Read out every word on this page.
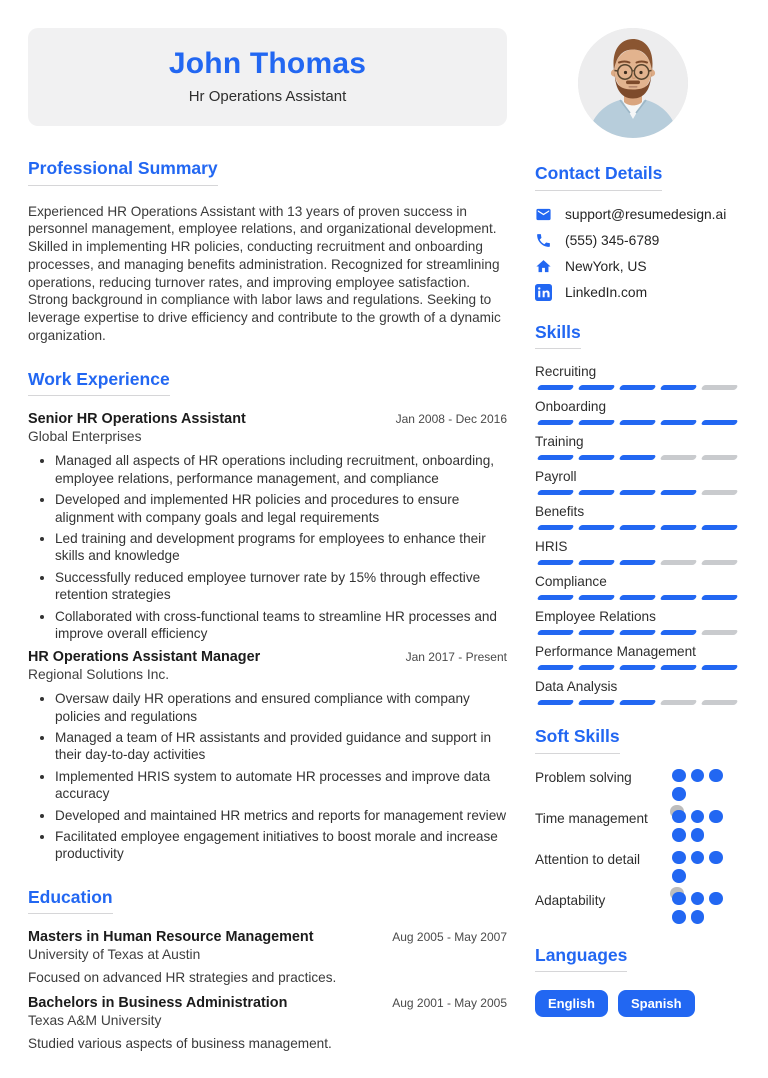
John Thomas
Hr Operations Assistant
Professional Summary

Experienced HR Operations Assistant with 13 years of proven success in personnel management, employee relations, and organizational development. Skilled in implementing HR policies, conducting recruitment and onboarding processes, and managing benefits administration. Recognized for streamlining operations, reducing turnover rates, and improving employee satisfaction. Strong background in compliance with labor laws and regulations. Seeking to leverage expertise to drive efficiency and contribute to the growth of a dynamic organization.

Work Experience
Senior HR Operations Assistant	Jan 2008 - Dec 2016
Global Enterprises
• Managed all aspects of HR operations including recruitment, onboarding, employee relations, performance management, and compliance
• Developed and implemented HR policies and procedures to ensure alignment with company goals and legal requirements
• Led training and development programs for employees to enhance their skills and knowledge
• Successfully reduced employee turnover rate by 15% through effective retention strategies
• Collaborated with cross-functional teams to streamline HR processes and improve overall efficiency
HR Operations Assistant Manager	Jan 2017 - Present
Regional Solutions Inc.
• Oversaw daily HR operations and ensured compliance with company policies and regulations
• Managed a team of HR assistants and provided guidance and support in their day-to-day activities
• Implemented HRIS system to automate HR processes and improve data accuracy
• Developed and maintained HR metrics and reports for management review
• Facilitated employee engagement initiatives to boost morale and increase productivity
Education
Masters in Human Resource Management	Aug 2005 - May 2007
University of Texas at Austin
Focused on advanced HR strategies and practices.
Bachelors in Business Administration	Aug 2001 - May 2005
Texas A&M University
Studied various aspects of business management.
Contact Details
support@resumedesign.ai
(555) 345-6789
NewYork, US
LinkedIn.com
Skills
Recruiting
Onboarding
Training
Payroll
Benefits
HRIS
Compliance
Employee Relations
Performance Management
Data Analysis
Soft Skills
Problem solving
Time management
Attention to detail
Adaptability
Languages
English	Spanish
